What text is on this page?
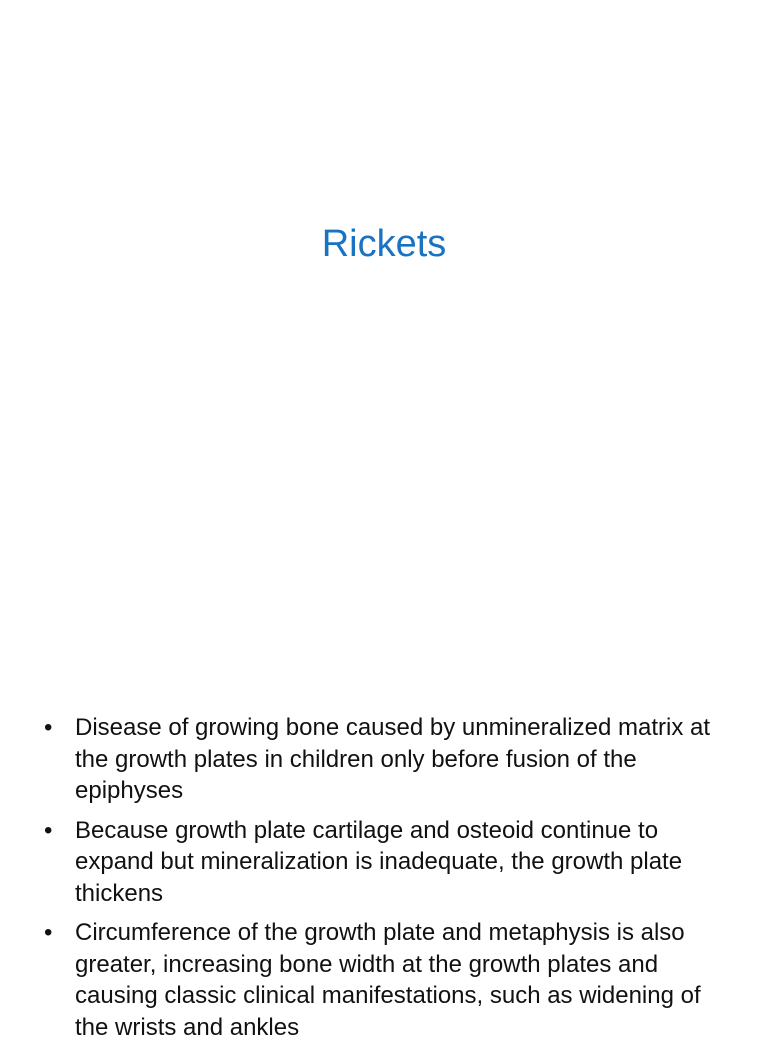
Rickets
• Disease of growing bone caused by unmineralized matrix at the growth plates in children only before fusion of the epiphyses
• Because growth plate cartilage and osteoid continue to expand but mineralization is inadequate, the growth plate thickens
• Circumference of the growth plate and metaphysis is also greater, increasing bone width at the growth plates and causing classic clinical manifestations, such as widening of the wrists and ankles
